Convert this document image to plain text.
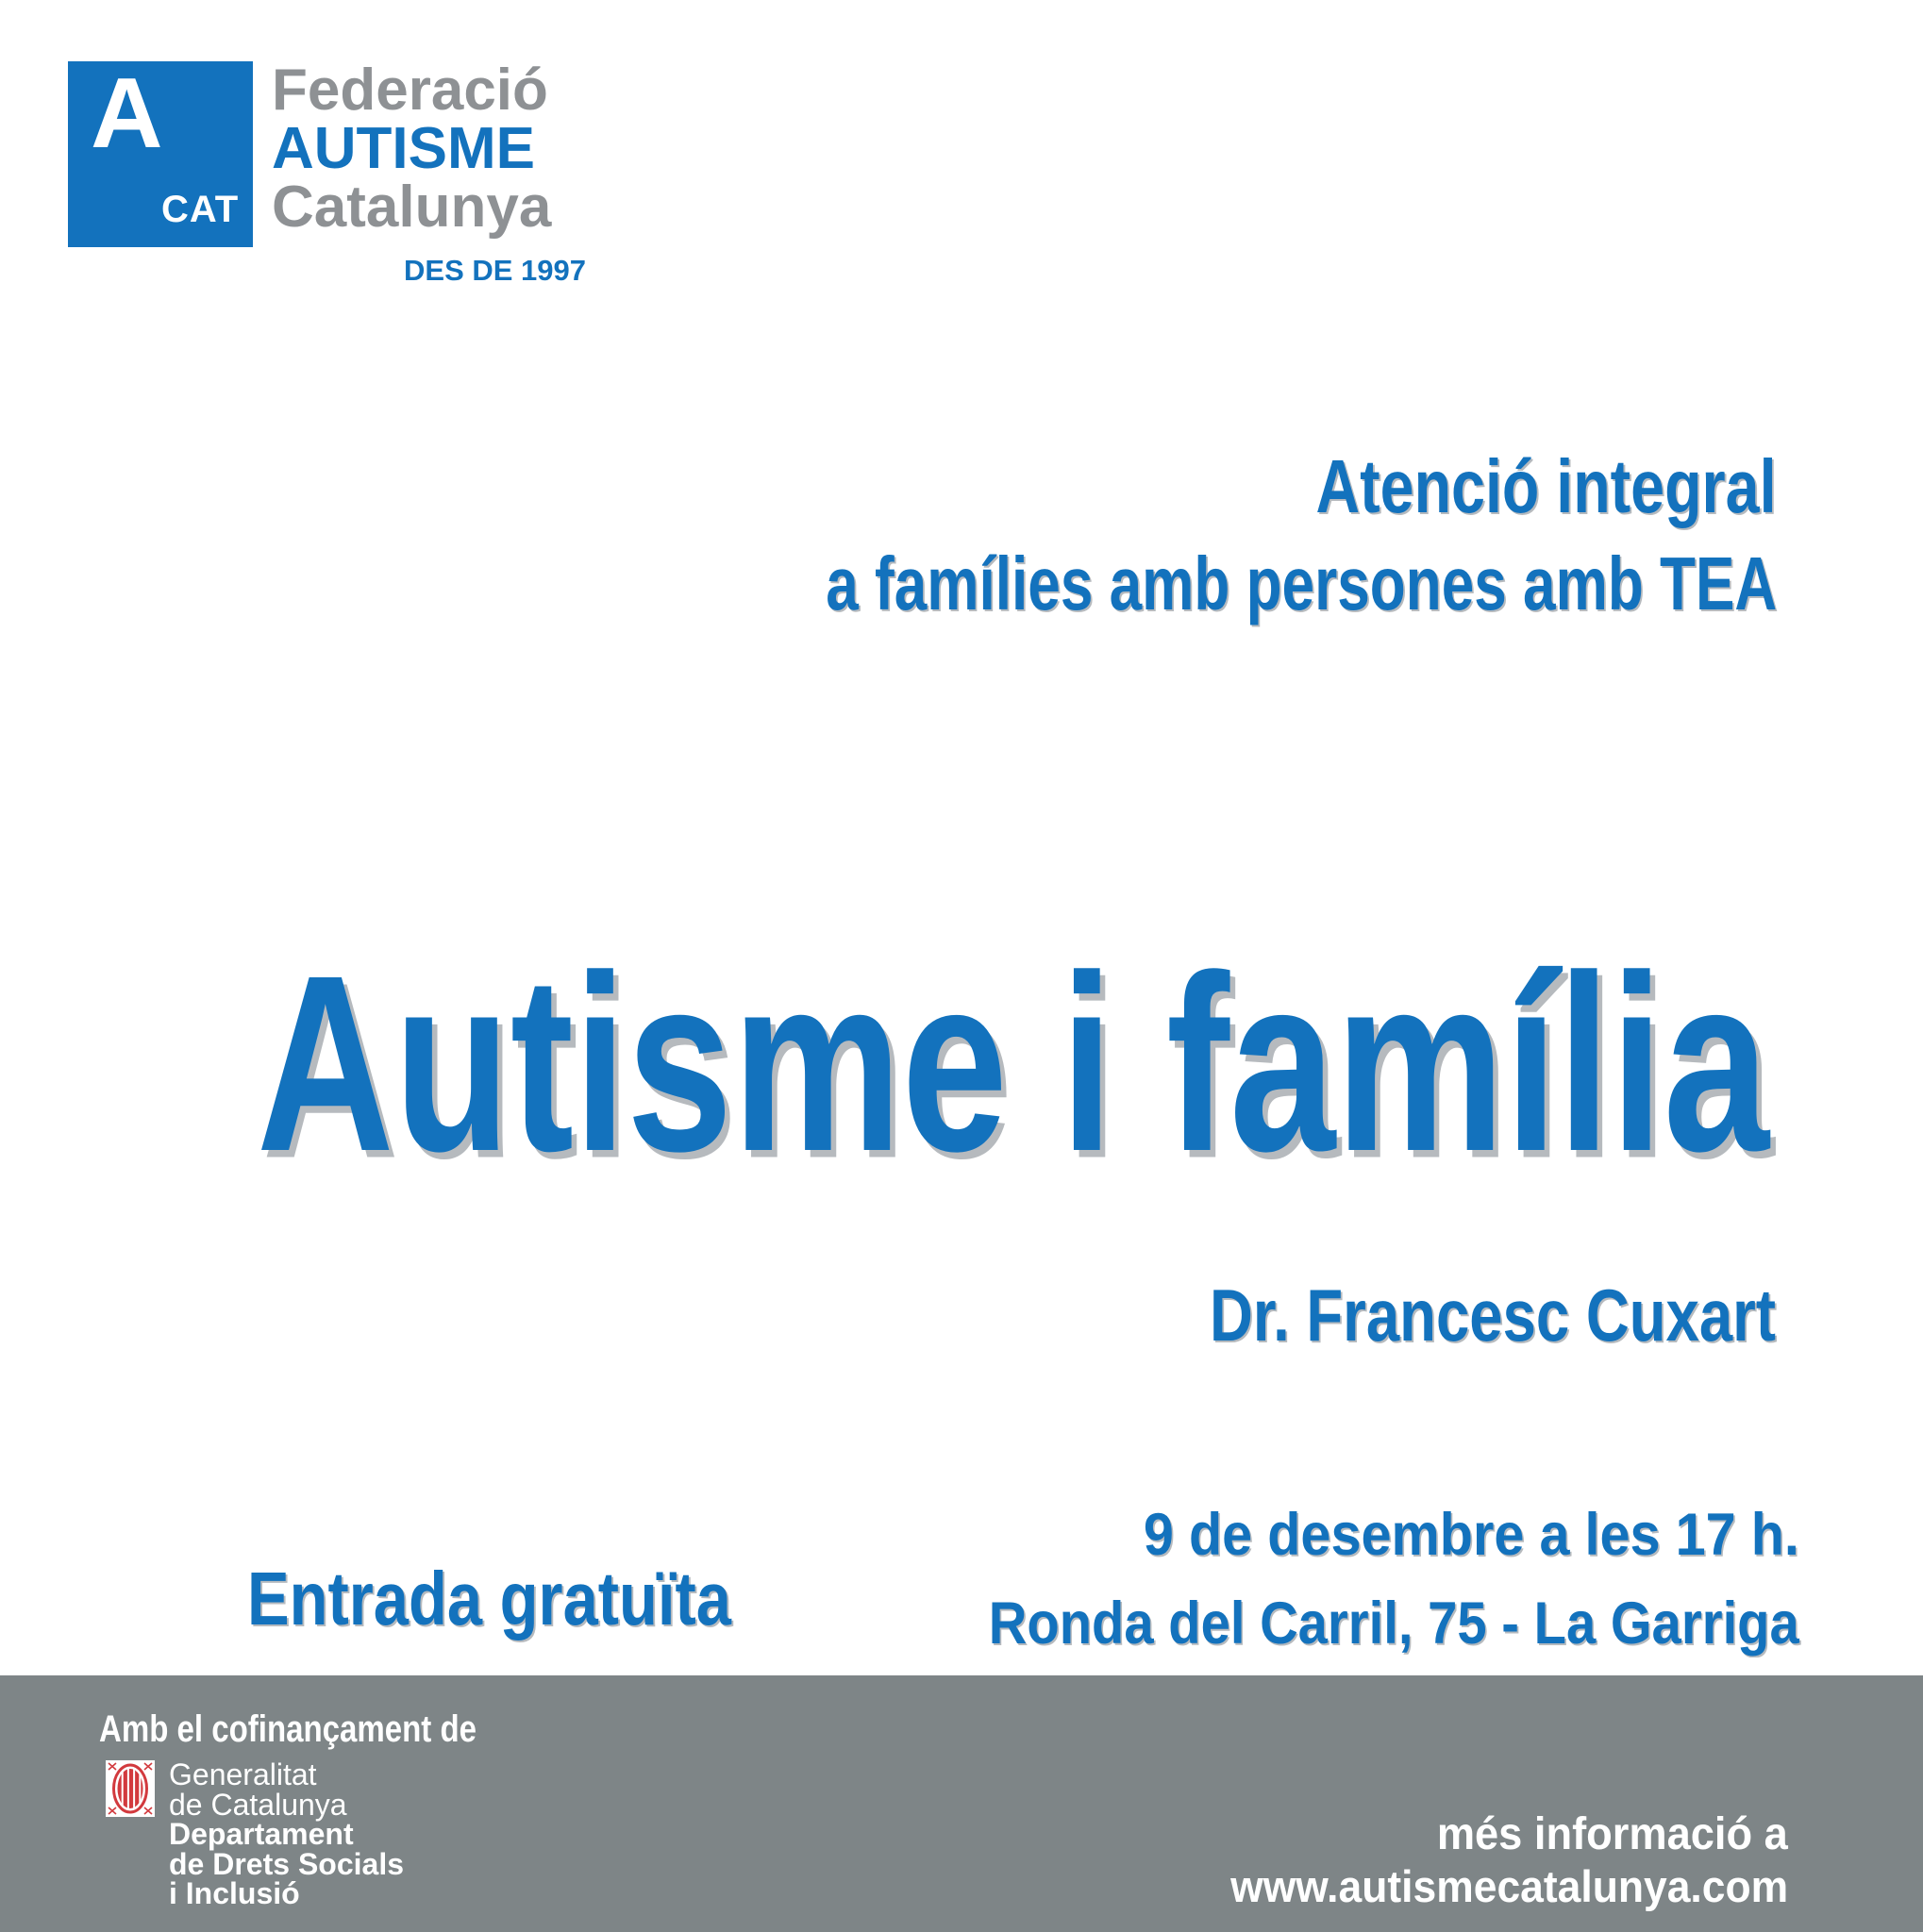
A
CAT
Federació
AUTISME
Catalunya
DES DE 1997
Atenció integral
a famílies amb persones amb TEA
Autisme i família
Dr. Francesc Cuxart
Entrada gratuïta
9 de desembre a les 17 h.
Ronda del Carril, 75 - La Garriga
Amb el cofinançament de
Generalitat
de Catalunya
Departament
de Drets Socials
i Inclusió
més informació a
www.autismecatalunya.com
